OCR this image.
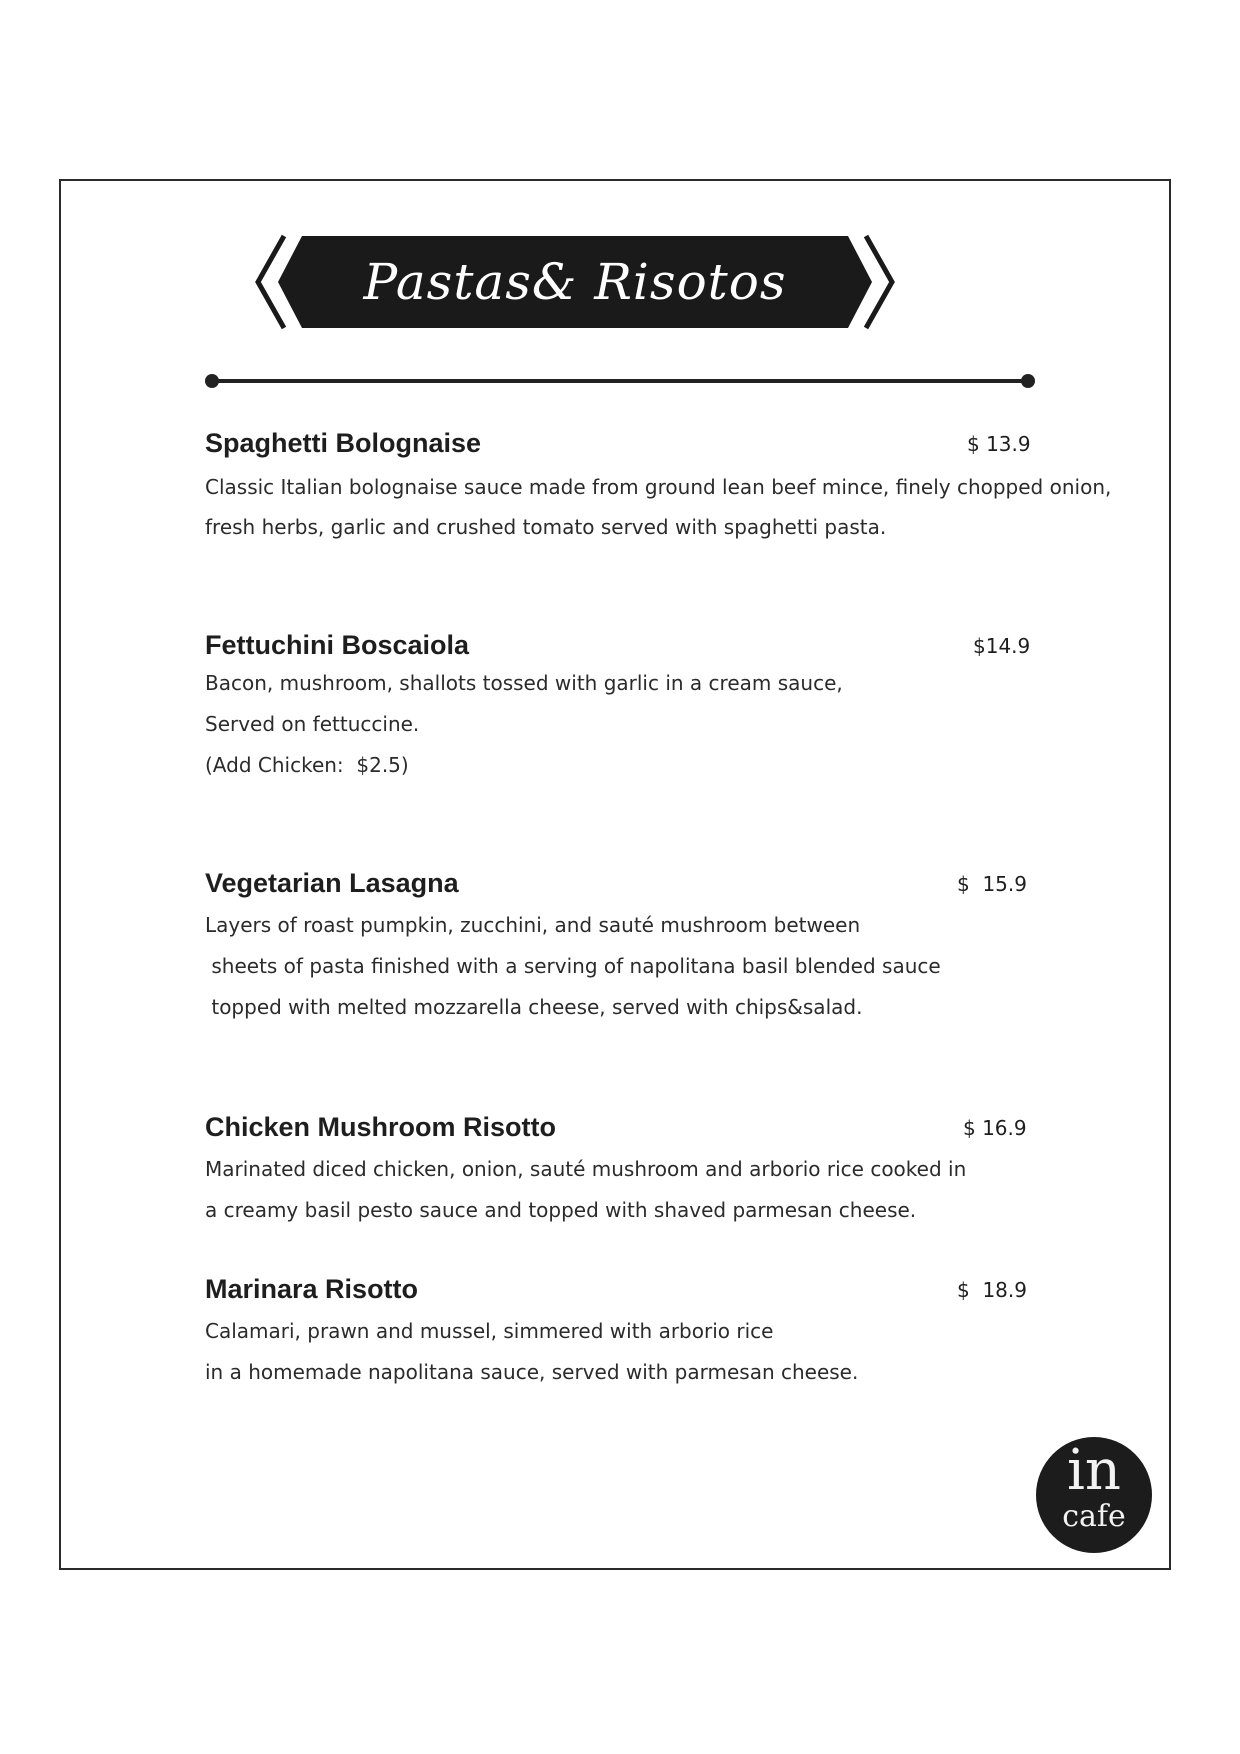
Pastas& Risotos
Spaghetti Bolognaise	$ 13.9
Classic Italian bolognaise sauce made from ground lean beef mince, finely chopped onion,
fresh herbs, garlic and crushed tomato served with spaghetti pasta.
Fettuchini Boscaiola	$14.9
Bacon, mushroom, shallots tossed with garlic in a cream sauce,
Served on fettuccine.
(Add Chicken:  $2.5)
Vegetarian Lasagna	$  15.9
Layers of roast pumpkin, zucchini, and sauté mushroom between
sheets of pasta finished with a serving of napolitana basil blended sauce
topped with melted mozzarella cheese, served with chips&salad.
Chicken Mushroom Risotto	$ 16.9
Marinated diced chicken, onion, sauté mushroom and arborio rice cooked in
a creamy basil pesto sauce and topped with shaved parmesan cheese.
Marinara Risotto	$  18.9
Calamari, prawn and mussel, simmered with arborio rice
in a homemade napolitana sauce, served with parmesan cheese.
in
cafe
